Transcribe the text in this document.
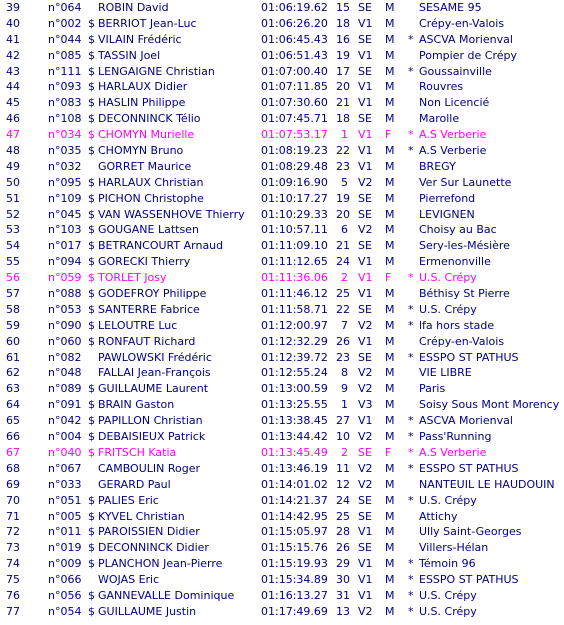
39	n°064 ROBIN David	01:06:19.62 15 SE M SESAME 95
40	n°002 $ BERRIOT Jean-Luc	01:06:26.20 18 V1 M Crépy-en-Valois
41	n°044 $ VILAIN Frédéric	01:06:45.43 16 SE M * ASCVA Morienval
42	n°085 $ TASSIN Joel	01:06:51.43 19 V1 M Pompier de Crépy
43	n°111 $ LENGAIGNE Christian	01:07:00.40 17 SE M * Goussainville
44	n°093 $ HARLAUX Didier	01:07:11.85 20 V1 M Rouvres
45	n°083 $ HASLIN Philippe	01:07:30.60 21 V1 M Non Licencié
46	n°108 $ DECONNINCK Télio	01:07:45.71 18 SE M Marolle
47	n°034 $ CHOMYN Murielle	01:07:53.17	1 V1 F * A.S Verberie
48	n°035 $ CHOMYN Bruno	01:08:19.23 22 V1 M * A.S Verberie
49	n°032 GORRET Maurice	01:08:29.48 23 V1 M BREGY
50	n°095 $ HARLAUX Christian	01:09:16.90	5 V2 M Ver Sur Launette
51	n°109 $ PICHON Christophe	01:10:17.27 19 SE M Pierrefond
52	n°045 $ VAN WASSENHOVE Thierry 01:10:29.33 20 SE M LEVIGNEN
53	n°103 $ GOUGANE Lattsen	01:10:57.11	6 V2 M Choisy au Bac
54	n°017 $ BETRANCOURT Arnaud	01:11:09.10 21 SE M Sery-les-Mésière
55	n°094 $ GORECKI Thierry	01:11:12.65 24 V1 M Ermenonville
56	n°059 $ TORLET Josy	01:11:36.06	2 V1 F * U.S. Crépy
57	n°088 $ GODEFROY Philippe	01:11:46.12 25 V1 M Béthisy St Pierre
58	n°053 $ SANTERRE Fabrice	01:11:58.71 22 SE M * U.S. Crépy
59	n°090 $ LELOUTRE Luc	01:12:00.97	7 V2 M * lfa hors stade
60	n°060 $ RONFAUT Richard	01:12:32.29 26 V1 M Crépy-en-Valois
61	n°082 PAWLOWSKI Frédéric	01:12:39.72 23 SE M * ESSPO ST PATHUS
62	n°048 FALLAI Jean-François	01:12:55.24	8 V2 M VIE LIBRE
63	n°089 $ GUILLAUME Laurent	01:13:00.59	9 V2 M Paris
64	n°091 $ BRAIN Gaston	01:13:25.55	1 V3 M Soisy Sous Mont Morency
65	n°042 $ PAPILLON Christian	01:13:38.45 27 V1 M * ASCVA Morienval
66	n°004 $ DEBAISIEUX Patrick	01:13:44.42 10 V2 M * Pass'Running
67	n°040 $ FRITSCH Katia	01:13:45.49	2 SE F * A.S Verberie
68	n°067 CAMBOULIN Roger	01:13:46.19 11 V2 M * ESSPO ST PATHUS
69	n°033 GERARD Paul	01:14:01.02 12 V2 M NANTEUIL LE HAUDOUIN
70	n°051 $ PALIES Eric	01:14:21.37 24 SE M * U.S. Crépy
71	n°005 $ KYVEL Christian	01:14:42.95 25 SE M Attichy
72	n°011 $ PAROISSIEN Didier	01:15:05.97 28 V1 M Ully Saint-Georges
73	n°019 $ DECONNINCK Didier	01:15:15.76 26 SE M Villers-Hélan
74	n°009 $ PLANCHON Jean-Pierre	01:15:19.93 29 V1 M * Témoin 96
75	n°066 WOJAS Eric	01:15:34.89 30 V1 M * ESSPO ST PATHUS
76	n°056 $ GANNEVALLE Dominique 01:16:13.27 31 V1 M * U.S. Crépy
77	n°054 $ GUILLAUME Justin	01:17:49.69 13 V2 M * U.S. Crépy
